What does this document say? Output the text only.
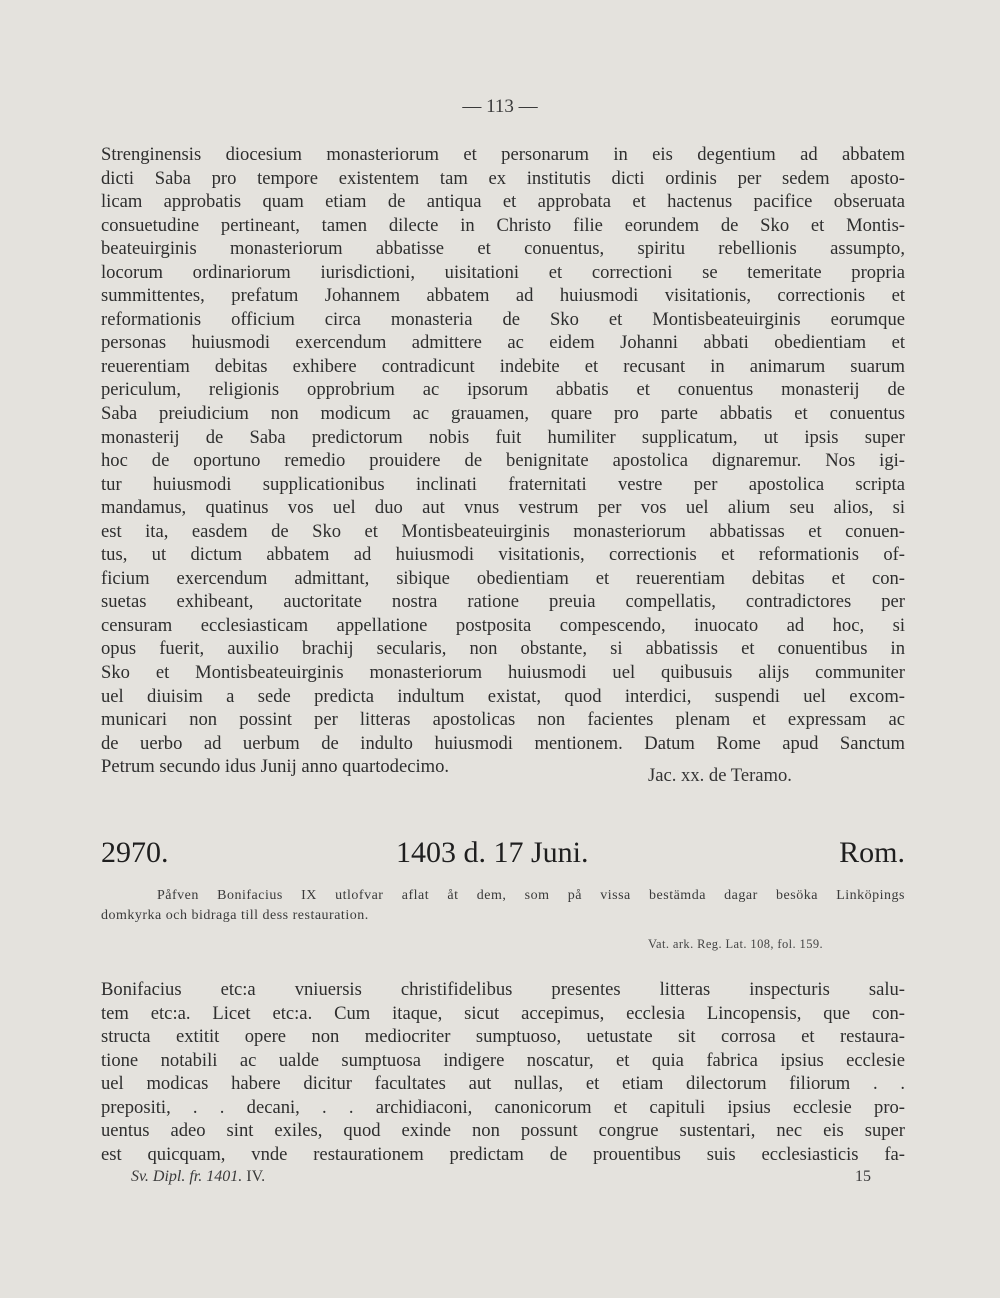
— 113 —
Strenginensis diocesium monasteriorum et personarum in eis degentium ad abbatem
dicti Saba pro tempore existentem tam ex institutis dicti ordinis per sedem aposto-
licam approbatis quam etiam de antiqua et approbata et hactenus pacifice obseruata
consuetudine pertineant, tamen dilecte in Christo filie eorundem de Sko et Montis-
beateuirginis monasteriorum abbatisse et conuentus, spiritu rebellionis assumpto,
locorum ordinariorum iurisdictioni, uisitationi et correctioni se temeritate propria
summittentes, prefatum Johannem abbatem ad huiusmodi visitationis, correctionis et
reformationis officium circa monasteria de Sko et Montisbeateuirginis eorumque
personas huiusmodi exercendum admittere ac eidem Johanni abbati obedientiam et
reuerentiam debitas exhibere contradicunt indebite et recusant in animarum suarum
periculum, religionis opprobrium ac ipsorum abbatis et conuentus monasterij de
Saba preiudicium non modicum ac grauamen, quare pro parte abbatis et conuentus
monasterij de Saba predictorum nobis fuit humiliter supplicatum, ut ipsis super
hoc de oportuno remedio prouidere de benignitate apostolica dignaremur. Nos igi-
tur huiusmodi supplicationibus inclinati fraternitati vestre per apostolica scripta
mandamus, quatinus vos uel duo aut vnus vestrum per vos uel alium seu alios, si
est ita, easdem de Sko et Montisbeateuirginis monasteriorum abbatissas et conuen-
tus, ut dictum abbatem ad huiusmodi visitationis, correctionis et reformationis of-
ficium exercendum admittant, sibique obedientiam et reuerentiam debitas et con-
suetas exhibeant, auctoritate nostra ratione preuia compellatis, contradictores per
censuram ecclesiasticam appellatione postposita compescendo, inuocato ad hoc, si
opus fuerit, auxilio brachij secularis, non obstante, si abbatissis et conuentibus in
Sko et Montisbeateuirginis monasteriorum huiusmodi uel quibusuis alijs communiter
uel diuisim a sede predicta indultum existat, quod interdici, suspendi uel excom-
municari non possint per litteras apostolicas non facientes plenam et expressam ac
de uerbo ad uerbum de indulto huiusmodi mentionem. Datum Rome apud Sanctum
Petrum secundo idus Junij anno quartodecimo.	Jac. xx. de Teramo.
2970.	1403 d. 17 Juni.	Rom.
Påfven Bonifacius IX utlofvar aflat åt dem, som på vissa bestämda dagar besöka Linköpings
domkyrka och bidraga till dess restauration.
Vat. ark. Reg. Lat. 108, fol. 159.
Bonifacius etc:a vniuersis christifidelibus presentes litteras inspecturis salu-
tem etc:a. Licet etc:a. Cum itaque, sicut accepimus, ecclesia Lincopensis, que con-
structa extitit opere non mediocriter sumptuoso, uetustate sit corrosa et restaura-
tione notabili ac ualde sumptuosa indigere noscatur, et quia fabrica ipsius ecclesie
uel modicas habere dicitur facultates aut nullas, et etiam dilectorum filiorum . .
prepositi, . . decani, . . archidiaconi, canonicorum et capituli ipsius ecclesie pro-
uentus adeo sint exiles, quod exinde non possunt congrue sustentari, nec eis super
est quicquam, vnde restaurationem predictam de prouentibus suis ecclesiasticis fa-
Sv. Dipl. fr. 1401. IV.	15
